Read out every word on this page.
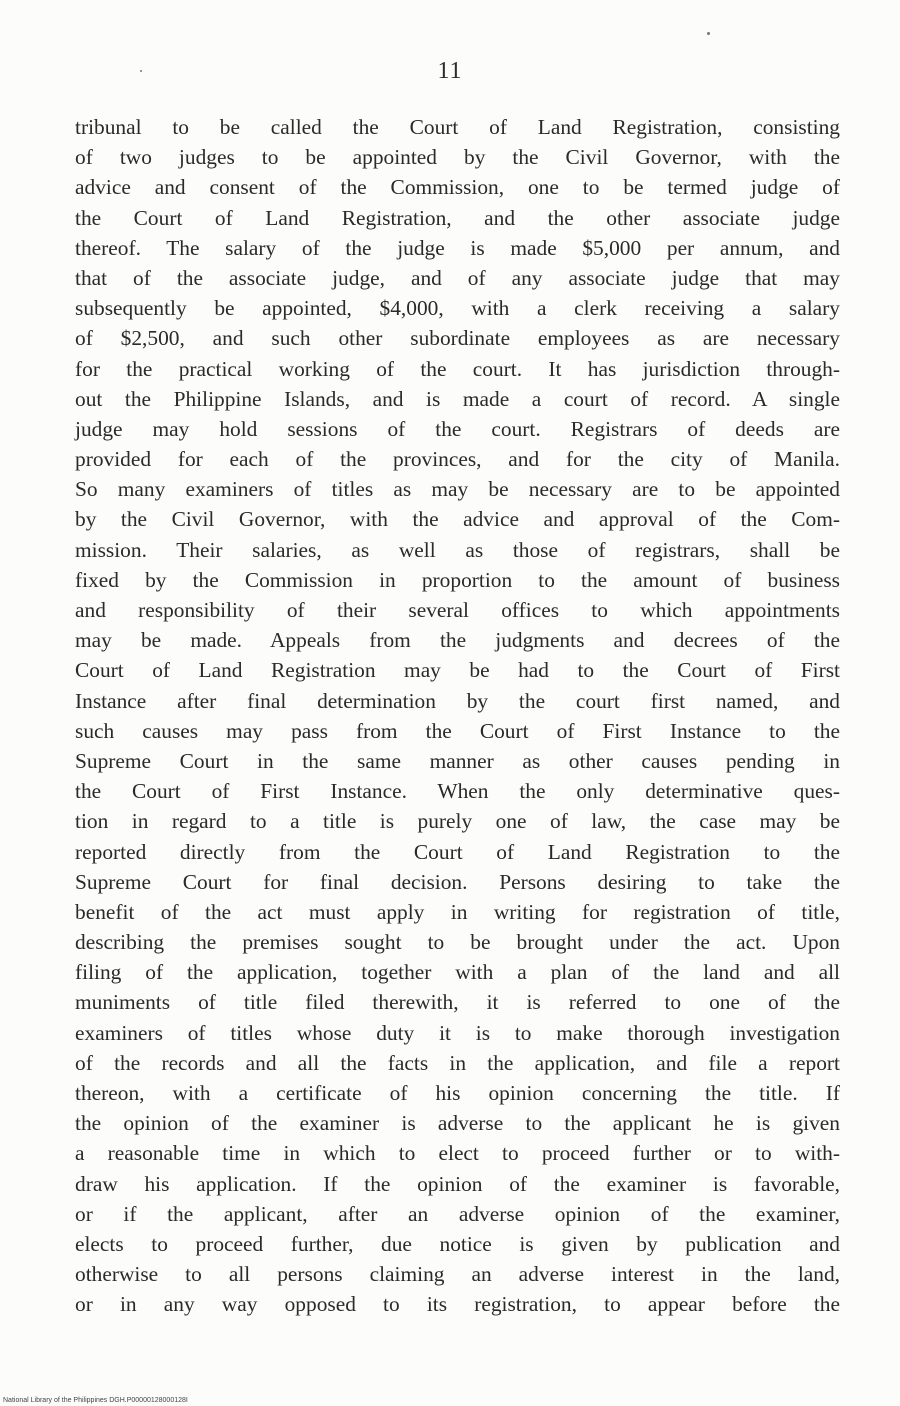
11
tribunal to be called the Court of Land Registration, consisting
of two judges to be appointed by the Civil Governor, with the
advice and consent of the Commission, one to be termed judge of
the Court of Land Registration, and the other associate judge
thereof. The salary of the judge is made $5,000 per annum, and
that of the associate judge, and of any associate judge that may
subsequently be appointed, $4,000, with a clerk receiving a salary
of $2,500, and such other subordinate employees as are necessary
for the practical working of the court. It has jurisdiction through-
out the Philippine Islands, and is made a court of record. A single
judge may hold sessions of the court. Registrars of deeds are
provided for each of the provinces, and for the city of Manila.
So many examiners of titles as may be necessary are to be appointed
by the Civil Governor, with the advice and approval of the Com-
mission. Their salaries, as well as those of registrars, shall be
fixed by the Commission in proportion to the amount of business
and responsibility of their several offices to which appointments
may be made. Appeals from the judgments and decrees of the
Court of Land Registration may be had to the Court of First
Instance after final determination by the court first named, and
such causes may pass from the Court of First Instance to the
Supreme Court in the same manner as other causes pending in
the Court of First Instance. When the only determinative ques-
tion in regard to a title is purely one of law, the case may be
reported directly from the Court of Land Registration to the
Supreme Court for final decision. Persons desiring to take the
benefit of the act must apply in writing for registration of title,
describing the premises sought to be brought under the act. Upon
filing of the application, together with a plan of the land and all
muniments of title filed therewith, it is referred to one of the
examiners of titles whose duty it is to make thorough investigation
of the records and all the facts in the application, and file a report
thereon, with a certificate of his opinion concerning the title. If
the opinion of the examiner is adverse to the applicant he is given
a reasonable time in which to elect to proceed further or to with-
draw his application. If the opinion of the examiner is favorable,
or if the applicant, after an adverse opinion of the examiner,
elects to proceed further, due notice is given by publication and
otherwise to all persons claiming an adverse interest in the land,
or in any way opposed to its registration, to appear before the
National Library of the Philippines DGH.P00000128000128I
